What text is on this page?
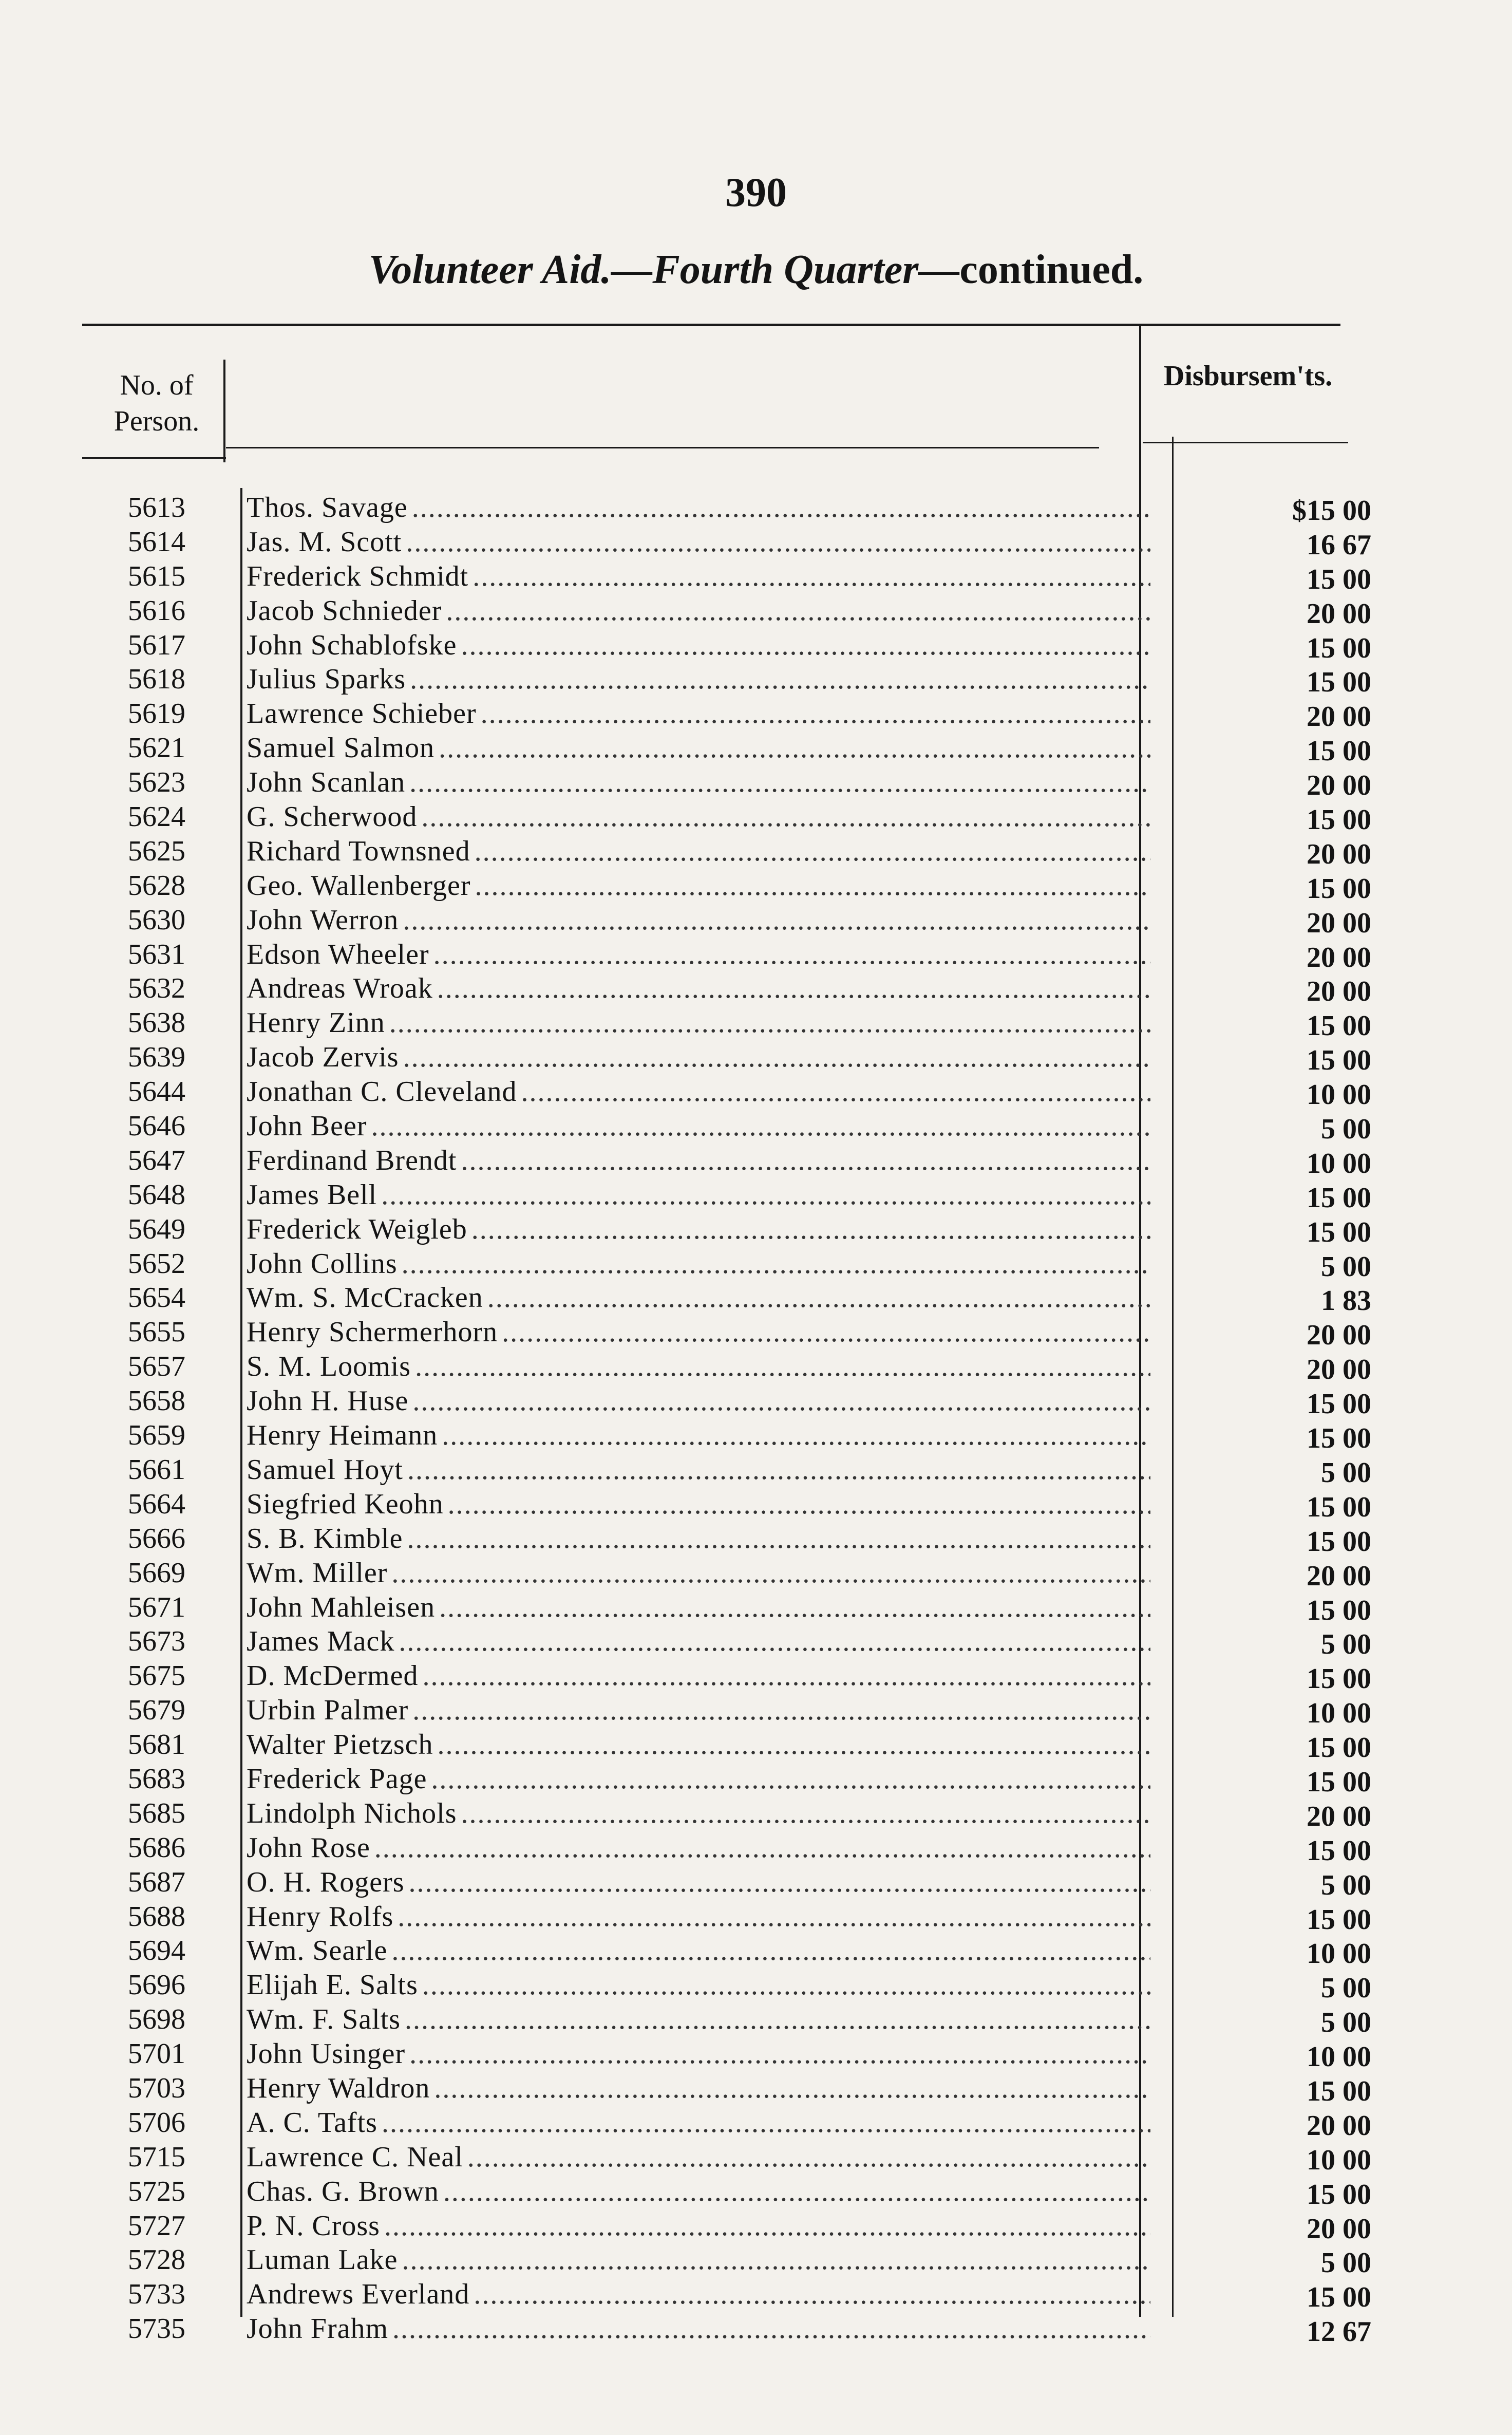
390
Volunteer Aid.—Fourth Quarter—continued.
No. of
Person.
Disbursem'ts.
5613	Thos. Savage . . .	$15 00
5614	Jas. M. Scott . . .	16 67
5615	Frederick Schmidt . . .	15 00
5616	Jacob Schnieder . . .	20 00
5617	John Schablofske . . .	15 00
5618	Julius Sparks . . .	15 00
5619	Lawrence Schieber . . .	20 00
5621	Samuel Salmon . . .	15 00
5623	John Scanlan . . .	20 00
5624	G. Scherwood . . .	15 00
5625	Richard Townsned . . .	20 00
5628	Geo. Wallenberger . . .	15 00
5630	John Werron . . .	20 00
5631	Edson Wheeler . . .	20 00
5632	Andreas Wroak . . .	20 00
5638	Henry Zinn . . .	15 00
5639	Jacob Zervis . . .	15 00
5644	Jonathan C. Cleveland . . .	10 00
5646	John Beer . . .	5 00
5647	Ferdinand Brendt . . .	10 00
5648	James Bell . . .	15 00
5649	Frederick Weigleb . . .	15 00
5652	John Collins . . .	5 00
5654	Wm. S. McCracken . . .	1 83
5655	Henry Schermerhorn . . .	20 00
5657	S. M. Loomis . . .	20 00
5658	John H. Huse . . .	15 00
5659	Henry Heimann . . .	15 00
5661	Samuel Hoyt . . .	5 00
5664	Siegfried Keohn . . .	15 00
5666	S. B. Kimble . . .	15 00
5669	Wm. Miller . . .	20 00
5671	John Mahleisen . . .	15 00
5673	James Mack . . .	5 00
5675	D. McDermed . . .	15 00
5679	Urbin Palmer . . .	10 00
5681	Walter Pietzsch . . .	15 00
5683	Frederick Page . . .	15 00
5685	Lindolph Nichols . . .	20 00
5686	John Rose . . .	15 00
5687	O. H. Rogers . . .	5 00
5688	Henry Rolfs . . .	15 00
5694	Wm. Searle . . .	10 00
5696	Elijah E. Salts . . .	5 00
5698	Wm. F. Salts . . .	5 00
5701	John Usinger . . .	10 00
5703	Henry Waldron . . .	15 00
5706	A. C. Tafts . . .	20 00
5715	Lawrence C. Neal . . .	10 00
5725	Chas. G. Brown . . .	15 00
5727	P. N. Cross . . .	20 00
5728	Luman Lake . . .	5 00
5733	Andrews Everland . . .	15 00
5735	John Frahm . . .	12 67
